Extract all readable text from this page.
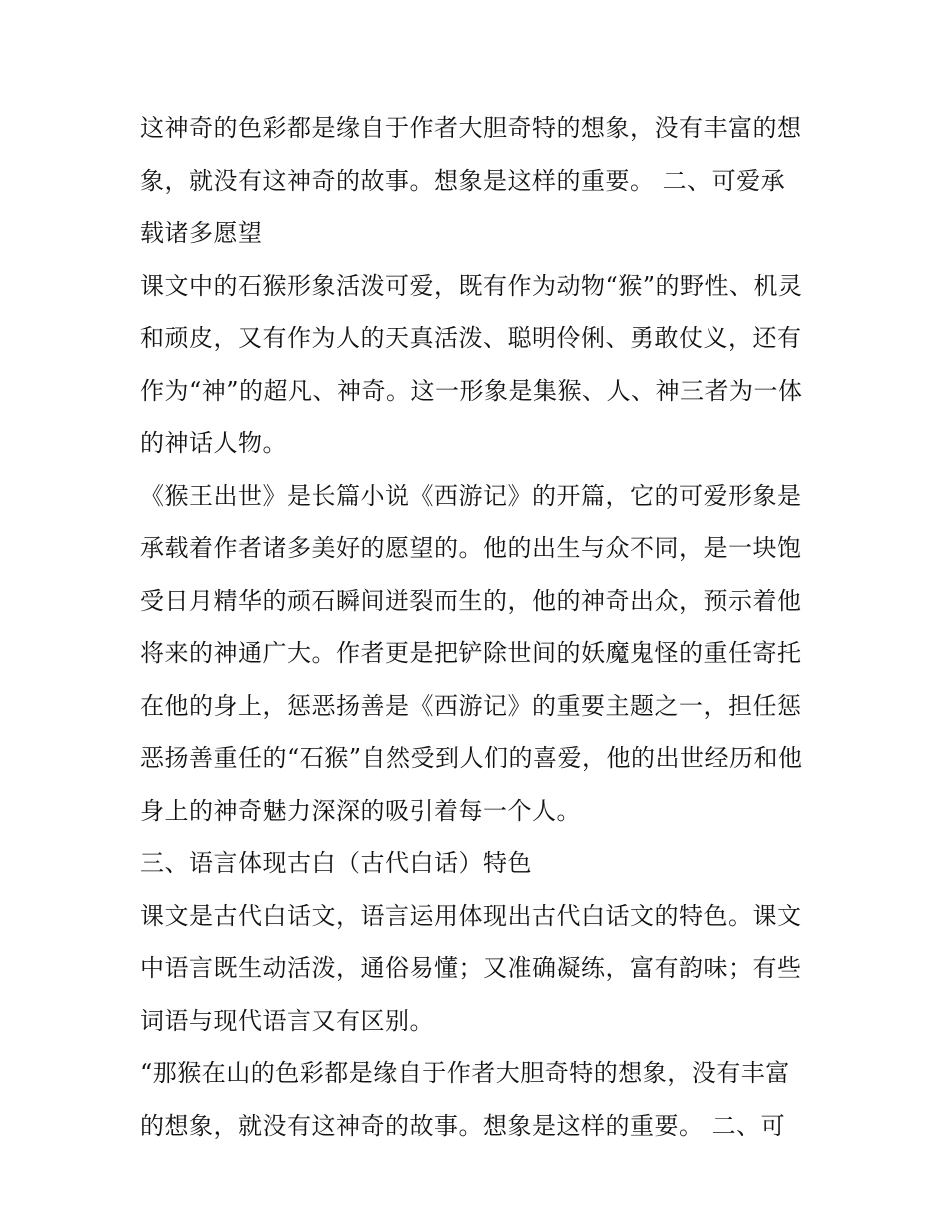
这神奇的色彩都是缘自于作者大胆奇特的想象，没有丰富的想
象，就没有这神奇的故事。想象是这样的重要。 二、可爱承
载诸多愿望
课文中的石猴形象活泼可爱，既有作为动物“猴”的野性、机灵
和顽皮，又有作为人的天真活泼、聪明伶俐、勇敢仗义，还有
作为“神”的超凡、神奇。这一形象是集猴、人、神三者为一体
的神话人物。
《猴王出世》是长篇小说《西游记》的开篇，它的可爱形象是
承载着作者诸多美好的愿望的。他的出生与众不同，是一块饱
受日月精华的顽石瞬间迸裂而生的，他的神奇出众，预示着他
将来的神通广大。作者更是把铲除世间的妖魔鬼怪的重任寄托
在他的身上，惩恶扬善是《西游记》的重要主题之一，担任惩
恶扬善重任的“石猴”自然受到人们的喜爱，他的出世经历和他
身上的神奇魅力深深的吸引着每一个人。
三、语言体现古白（古代白话）特色
课文是古代白话文，语言运用体现出古代白话文的特色。课文
中语言既生动活泼，通俗易懂；又准确凝练，富有韵味；有些
词语与现代语言又有区别。
“那猴在山的色彩都是缘自于作者大胆奇特的想象，没有丰富
的想象，就没有这神奇的故事。想象是这样的重要。 二、可
